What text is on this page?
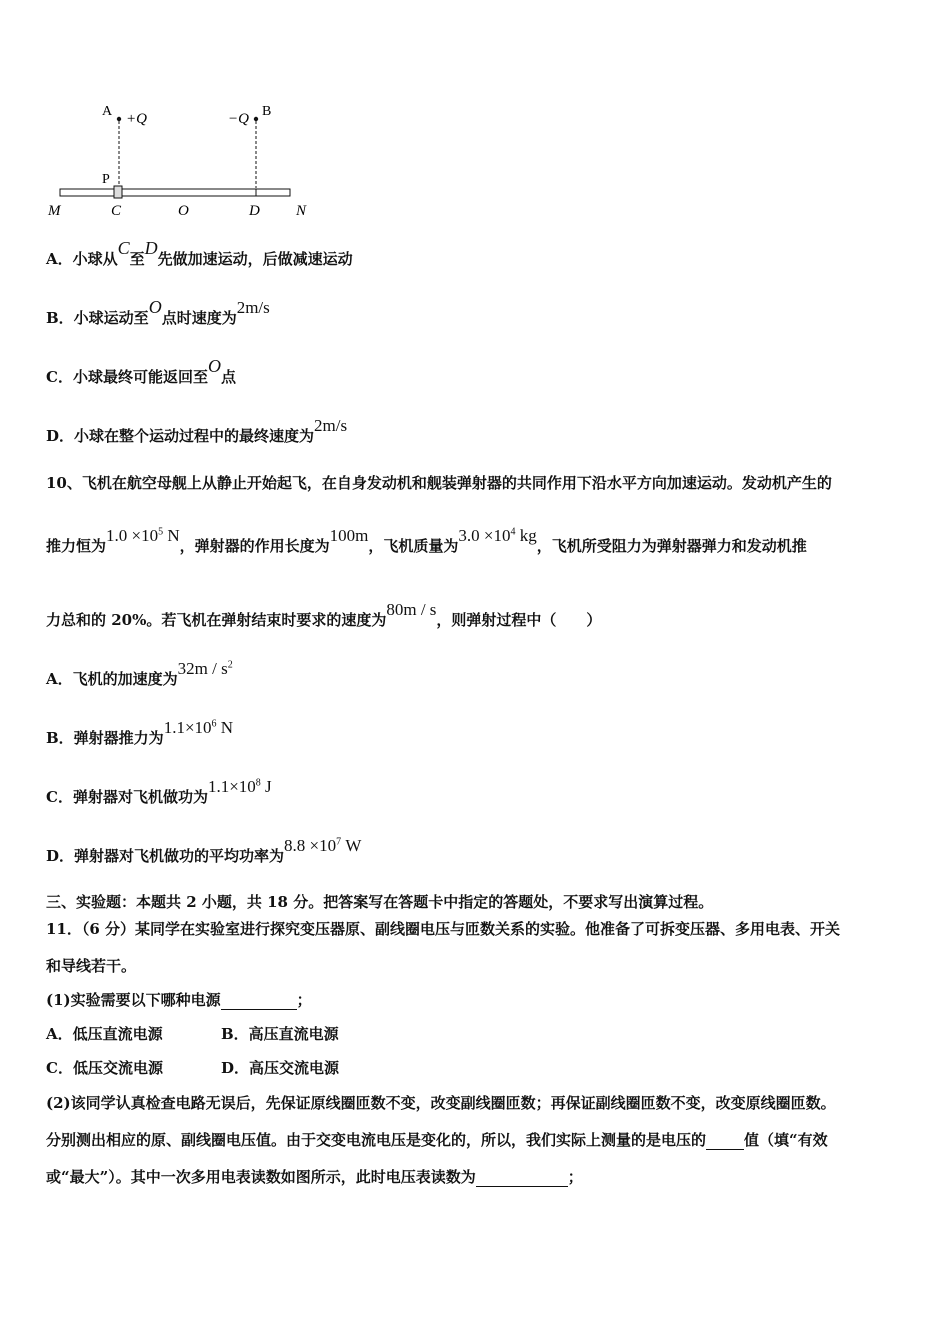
A +Q	−Q B
P
M	C	O	D N
A．小球从C至D先做加速运动，后做减速运动
B．小球运动至O点时速度为2m/s
C．小球最终可能返回至O点
D．小球在整个运动过程中的最终速度为2m/s
10、飞机在航空母舰上从静止开始起飞，在自身发动机和舰装弹射器的共同作用下沿水平方向加速运动。发动机产生的
推力恒为$1.0 \times 10^5$ N，弹射器的作用长度为100m，飞机质量为$3.0 \times 10^4$ kg，飞机所受阻力为弹射器弹力和发动机推
力总和的 20%。若飞机在弹射结束时要求的速度为80m / s，则弹射过程中（　　）
A．飞机的加速度为$32m / s^2$
B．弹射器推力为$1.1\times 10^6$ N
C．弹射器对飞机做功为$1.1\times 10^8$ J
D．弹射器对飞机做功的平均功率为$8.8 \times 10^7$ W
三、实验题：本题共 2 小题，共 18 分。把答案写在答题卡中指定的答题处，不要求写出演算过程。
11．（6 分）某同学在实验室进行探究变压器原、副线圈电压与匝数关系的实验。他准备了可拆变压器、多用电表、开关
和导线若干。
(1)实验需要以下哪种电源	；
A．低压直流电源	B．高压直流电源
C．低压交流电源	D．高压交流电源
(2)该同学认真检查电路无误后，先保证原线圈匝数不变，改变副线圈匝数；再保证副线圈匝数不变，改变原线圈匝数。
分别测出相应的原、副线圈电压值。由于交变电流电压是变化的，所以，我们实际上测量的是电压的	值（填“有效
或“最大”）。其中一次多用电表读数如图所示，此时电压表读数为	；
